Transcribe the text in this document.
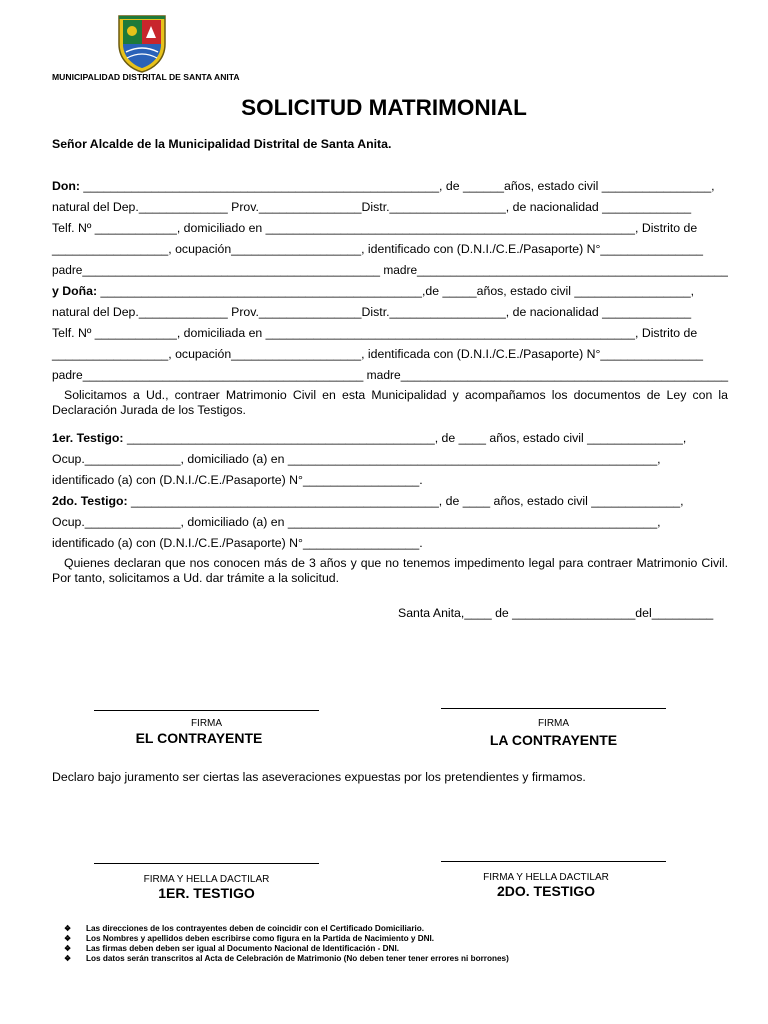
MUNICIPALIDAD DISTRITAL DE SANTA ANITA
SOLICITUD MATRIMONIAL
Señor Alcalde de la Municipalidad Distrital de Santa Anita.
Don: ____________________________________________________, de ______años, estado civil ________________,
natural del Dep._____________ Prov._______________Distr._________________, de nacionalidad _____________
Telf. Nº ____________, domiciliado en ______________________________________________________, Distrito de
_________________, ocupación___________________, identificado con (D.N.I./C.E./Pasaporte) N°_______________
padre_____________________________________________ madre_______________________________________________
y Doña: _______________________________________________,de _____años, estado civil _________________,
natural del Dep._____________ Prov._______________Distr._________________, de nacionalidad _____________
Telf. Nº ____________, domiciliada en ______________________________________________________, Distrito de
_________________, ocupación___________________, identificada con (D.N.I./C.E./Pasaporte) N°_______________
padre__________________________________________ madre_________________________________________________
Solicitamos a Ud., contraer Matrimonio Civil en esta Municipalidad y acompañamos los documentos de Ley con la Declaración Jurada de los Testigos.
1er. Testigo: _____________________________________________, de ____ años, estado civil ______________,
Ocup.______________, domiciliado (a) en ______________________________________________________,
identificado (a) con (D.N.I./C.E./Pasaporte) N°_________________.
2do. Testigo: _____________________________________________, de ____ años, estado civil _____________,
Ocup.______________, domiciliado (a) en ______________________________________________________,
identificado (a) con (D.N.I./C.E./Pasaporte) N°_________________.
Quienes declaran que nos conocen más de 3 años y que no tenemos impedimento legal para contraer Matrimonio Civil. Por tanto, solicitamos a Ud. dar trámite a la solicitud.
Santa Anita,____ de __________________del_________
FIRMA
EL CONTRAYENTE
FIRMA
LA CONTRAYENTE
Declaro bajo juramento ser ciertas las aseveraciones expuestas por los pretendientes y firmamos.
FIRMA Y HELLA DACTILAR
1ER. TESTIGO
FIRMA Y HELLA DACTILAR
2DO. TESTIGO
❖ Las direcciones de los contrayentes deben de coincidir con el Certificado Domiciliario.
❖ Los Nombres y apellidos deben escribirse como figura en la Partida de Nacimiento y DNI.
❖ Las firmas deben deben ser igual al Documento Nacional de Identificación - DNI.
❖ Los datos serán transcritos al Acta de Celebración de Matrimonio (No deben tener tener errores ni borrones)
